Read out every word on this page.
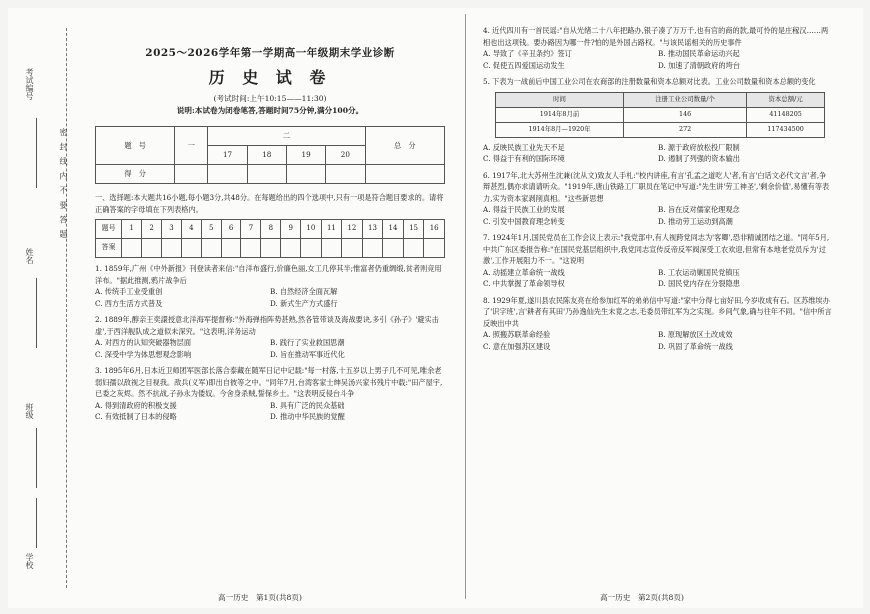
密 封 线 内 不 要 答 题
考试编号
姓名
班级
学校
2025～2026学年第一学期高一年级期末学业诊断
历 史 试 卷
(考试时间:上午10:15——11:30)
说明:本试卷为闭卷笔答,答题时间75分钟,满分100分。
题　号	一	二				总　分
		17	18	19	20	
得　分						
一、选择题:本大题共16小题,每小题3分,共48分。在每题给出的四个选项中,只有一项是符合题目要求的。请将正确答案的字母填在下列表格内。
题号	1	2	3	4	5	6	7	8	9	10	11	12	13	14	15	16
答案																
1. 1859年,广州《中外新报》刊登读者来信:"自洋布盛行,价廉色丽,女工几停其半;惟富者仍重绸缎,贫者则竞用洋布。"据此推测,鸦片战争后
A. 传统手工业受重创	B. 自然经济全面瓦解
C. 西方生活方式普及	D. 新式生产方式盛行
2. 1889年,醇亲王奕譞授意北洋海军提督称:"外海弹指阵势甚熟,然各管带谈及海战要诀,多引《孙子》'避实击虚',于西洋舰队成之道似未深究。"这表明,洋务运动
A. 对西方的认知突破器物层面	B. 践行了实业救国思潮
C. 深受中学为体思想观念影响	D. 旨在推动军事近代化
3. 1895年6月,日本近卫师团军医部长落合泰藏在随军日记中记载:"每一村落,十五岁以上男子几不可见,唯余老弱妇孺以敌视之目视我。敌兵(义军)即出自彼等之中。"同年7月,台湾客家士绅吴汤兴家书残片中载:"田产屋宇,已委之灰烬。然不抗战,子孙永为倭奴。今舍身杀贼,誓保乡土。"这表明反侵台斗争
A. 得到清政府的积极支援	B. 具有广泛的民众基础
C. 有效抵制了日本的侵略	D. 推动中华民族的觉醒
高一历史　第1页(共8页)
4. 近代四川有一首民谣:"自从光绪二十八年把路办,银子凑了万万千,也有官的商的款,最可怜的是庄稼汉……两相也出这项钱。要办路因为哪一件?怕的是外国占路权。"与该民谣相关的历史事件
A. 导致了《辛丑条约》签订	B. 推动国民革命运动兴起
C. 促使五四爱国运动发生	D. 加速了清朝政府的垮台
5. 下表为一战前后中国工业公司在农商部的注册数量和资本总额对比表。工业公司数量和资本总额的变化
时间	注册工业公司数量/个	资本总额/元
1914年8月前	146	41148205
1914年8月—1920年	272	117434500
A. 反映民族工业先天不足	B. 源于政府放松投厂限制
C. 得益于有利的国际环境	D. 遏制了列强的资本输出
6. 1917年,北大苏州生沈兼(沈从文)致友人手札:"校内讲座,有言'孔孟之道吃人'者,有言'白话文必代文言'者,争辩甚烈,偶亦求请请听众。"1919年,唐山铁路工厂职员在笔记中写道:"先生讲'劳工神圣','剩余价值',易懂有等表力,实为资本家剥削真相。"这些新思想
A. 得益于民族工业的发展	B. 旨在反对儒家伦理观念
C. 引发中国教育理念转变	D. 推动劳工运动到高潮
7. 1924年1月,国民党员在工作会议上表示:"我党部中,有人视跨党同志为'客卿',恐非精诚团结之道。"同年5月,中共广东区委报告称:"在国民党基层组织中,我党同志宣传反帝反军阀深受工农欢迎,但常有本地老党员斥为'过激',工作开展阻力不一。"这说明
A. 动摇建立革命统一战线	B. 工农运动剿国民党镇压
C. 中共掌握了革命领导权	D. 国民党内存在分裂隐患
8. 1929年夏,遂川县农民陈友亮在给参加红军的弟弟信中写道:"家中分得七亩好田,今岁收成有石。区苏维埃办了'识字班',言'耕者有其田'乃孙逸仙先生未竟之志,毛委员带红军为之实现。乡间气象,确与往年不同。"信中所言反映出中共
A. 照搬苏联革命经验	B. 原现解放区土改成效
C. 意在加强苏区建设	D. 巩固了革命统一战线
高一历史　第2页(共8页)
